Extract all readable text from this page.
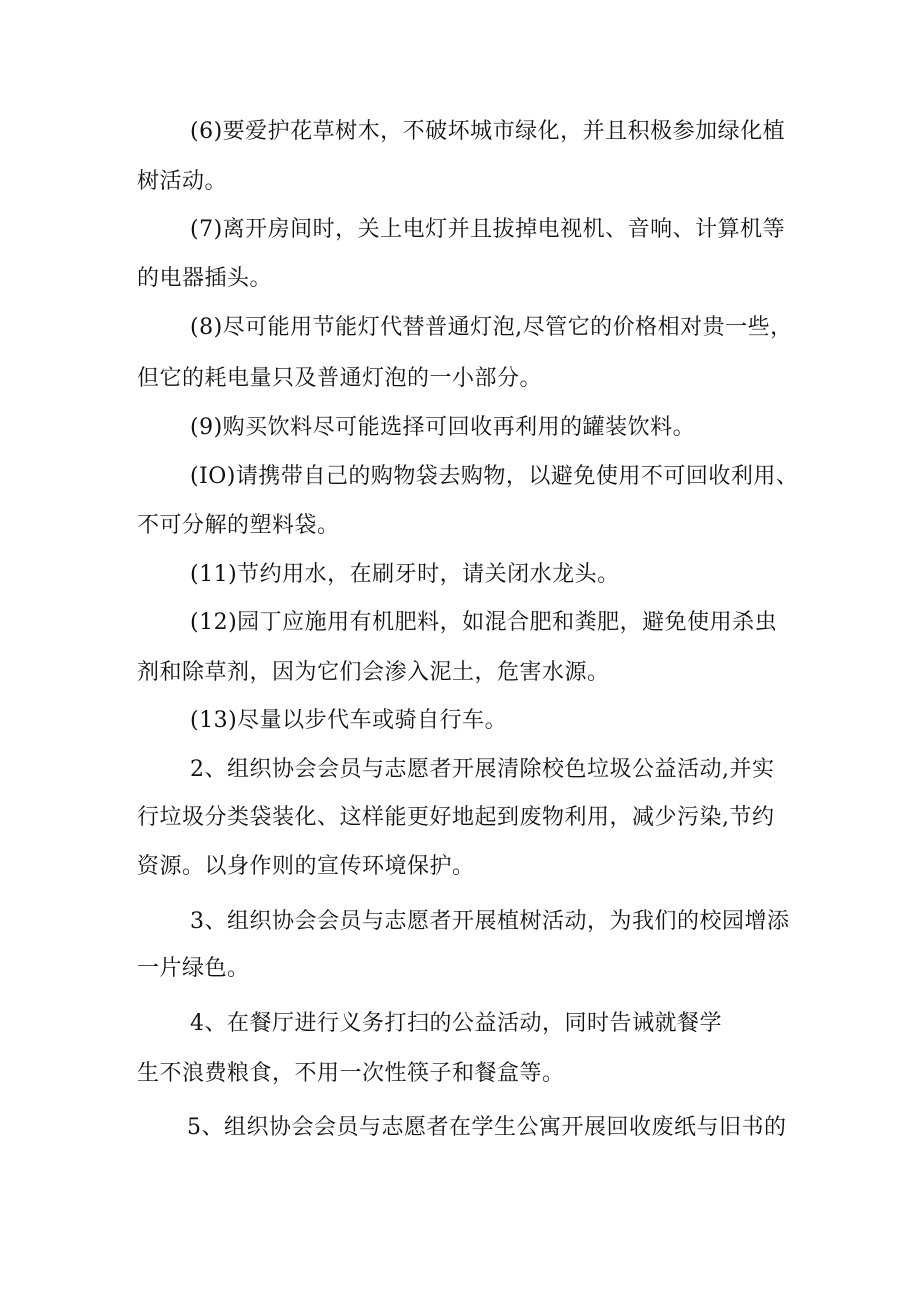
(6)要爱护花草树木，不破坏城市绿化，并且积极参加绿化植
树活动。
(7)离开房间时，关上电灯并且拔掉电视机、音响、计算机等
的电器插头。
(8)尽可能用节能灯代替普通灯泡,尽管它的价格相对贵一些，
但它的耗电量只及普通灯泡的一小部分。
(9)购买饮料尽可能选择可回收再利用的罐装饮料。
(IO)请携带自己的购物袋去购物，以避免使用不可回收利用、
不可分解的塑料袋。
(11)节约用水，在刷牙时，请关闭水龙头。
(12)园丁应施用有机肥料，如混合肥和粪肥，避免使用杀虫
剂和除草剂，因为它们会渗入泥土，危害水源。
(13)尽量以步代车或骑自行车。
2、组织协会会员与志愿者开展清除校色垃圾公益活动,并实
行垃圾分类袋装化、这样能更好地起到废物利用，减少污染,节约
资源。以身作则的宣传环境保护。
3、组织协会会员与志愿者开展植树活动，为我们的校园增添
一片绿色。
4、在餐厅进行义务打扫的公益活动，同时告诫就餐学
生不浪费粮食，不用一次性筷子和餐盒等。
5、组织协会会员与志愿者在学生公寓开展回收废纸与旧书的
